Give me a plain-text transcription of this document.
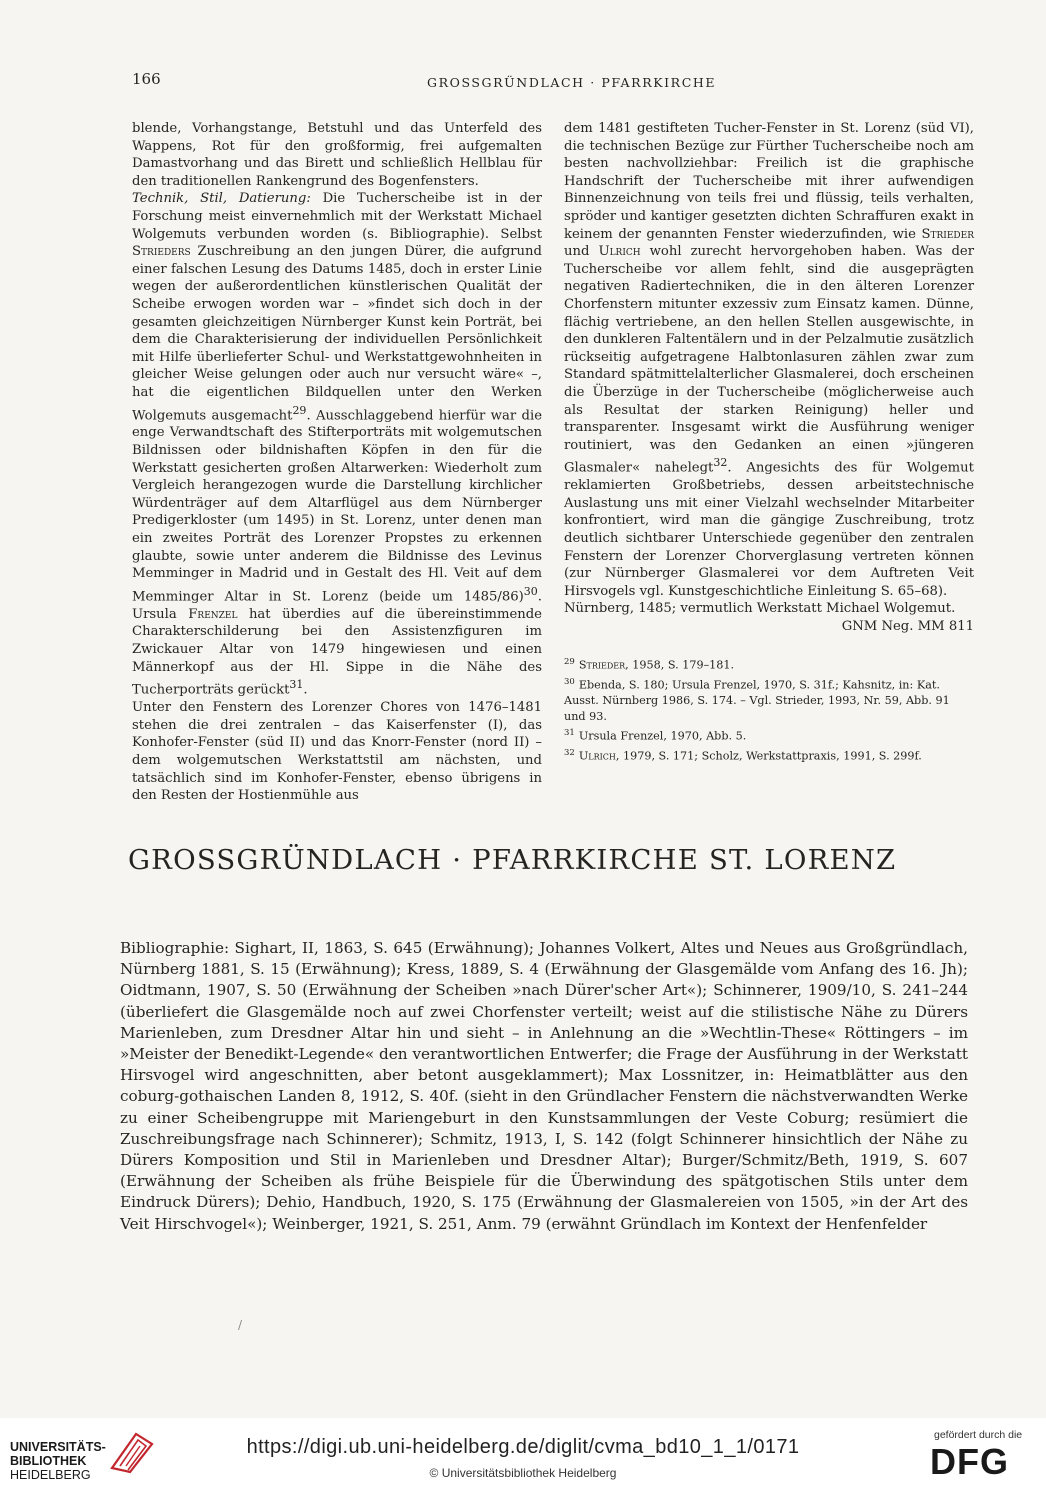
166	GROSSGRÜNDLACH · PFARRKIRCHE

blende, Vorhangstange, Betstuhl und das Unterfeld des Wappens, Rot für den großformig, frei aufgemalten Damastvorhang und das Birett und schließlich Hellblau für den traditionellen Rankengrund des Bogenfensters.

Technik, Stil, Datierung: Die Tucherscheibe ist in der Forschung meist einvernehmlich mit der Werkstatt Michael Wolgemuts verbunden worden (s. Bibliographie). Selbst Strieders Zuschreibung an den jungen Dürer, die aufgrund einer falschen Lesung des Datums 1485, doch in erster Linie wegen der außerordentlichen künstlerischen Qualität der Scheibe erwogen worden war – »findet sich doch in der gesamten gleichzeitigen Nürnberger Kunst kein Porträt, bei dem die Charakterisierung der individuellen Persönlichkeit mit Hilfe überlieferter Schul- und Werkstattgewohnheiten in gleicher Weise gelungen oder auch nur versucht wäre« –, hat die eigentlichen Bildquellen unter den Werken Wolgemuts ausgemacht$^{29}$. Ausschlaggebend hierfür war die enge Verwandtschaft des Stifterporträts mit wolgemutschen Bildnissen oder bildnishaften Köpfen in den für die Werkstatt gesicherten großen Altarwerken: Wiederholt zum Vergleich herangezogen wurde die Darstellung kirchlicher Würdenträger auf dem Altarflügel aus dem Nürnberger Predigerkloster (um 1495) in St. Lorenz, unter denen man ein zweites Porträt des Lorenzer Propstes zu erkennen glaubte, sowie unter anderem die Bildnisse des Levinus Memminger in Madrid und in Gestalt des Hl. Veit auf dem Memminger Altar in St. Lorenz (beide um 1485/86)$^{30}$. Ursula Frenzel hat überdies auf die übereinstimmende Charakterschilderung bei den Assistenzfiguren im Zwickauer Altar von 1479 hingewiesen und einen Männerkopf aus der Hl. Sippe in die Nähe des Tucherporträts gerückt$^{31}$.

Unter den Fenstern des Lorenzer Chores von 1476–1481 stehen die drei zentralen – das Kaiserfenster (I), das Konhofer-Fenster (süd II) und das Knorr-Fenster (nord II) – dem wolgemutschen Werkstattstil am nächsten, und tatsächlich sind im Konhofer-Fenster, ebenso übrigens in den Resten der Hostienmühle aus

dem 1481 gestifteten Tucher-Fenster in St. Lorenz (süd VI), die technischen Bezüge zur Fürther Tucherscheibe noch am besten nachvollziehbar: Freilich ist die graphische Handschrift der Tucherscheibe mit ihrer aufwendigen Binnenzeichnung von teils frei und flüssig, teils verhalten, spröder und kantiger gesetzten dichten Schraffuren exakt in keinem der genannten Fenster wiederzufinden, wie Strieder und Ulrich wohl zurecht hervorgehoben haben. Was der Tucherscheibe vor allem fehlt, sind die ausgeprägten negativen Radiertechniken, die in den älteren Lorenzer Chorfenstern mitunter exzessiv zum Einsatz kamen. Dünne, flächig vertriebene, an den hellen Stellen ausgewischte, in den dunkleren Faltentälern und in der Pelzalmutie zusätzlich rückseitig aufgetragene Halbtonlasuren zählen zwar zum Standard spätmittelalterlicher Glasmalerei, doch erscheinen die Überzüge in der Tucherscheibe (möglicherweise auch als Resultat der starken Reinigung) heller und transparenter. Insgesamt wirkt die Ausführung weniger routiniert, was den Gedanken an einen »jüngeren Glasmaler« nahelegt$^{32}$. Angesichts des für Wolgemut reklamierten Großbetriebs, dessen arbeitstechnische Auslastung uns mit einer Vielzahl wechselnder Mitarbeiter konfrontiert, wird man die gängige Zuschreibung, trotz deutlich sichtbarer Unterschiede gegenüber den zentralen Fenstern der Lorenzer Chorverglasung vertreten können (zur Nürnberger Glasmalerei vor dem Auftreten Veit Hirsvogels vgl. Kunstgeschichtliche Einleitung S. 65–68).

Nürnberg, 1485; vermutlich Werkstatt Michael Wolgemut.

GNM Neg. MM 811

$^{29}$ Strieder, 1958, S. 179–181.
$^{30}$ Ebenda, S. 180; Ursula Frenzel, 1970, S. 31f.; Kahsnitz, in: Kat. Ausst. Nürnberg 1986, S. 174. – Vgl. Strieder, 1993, Nr. 59, Abb. 91 und 93.
$^{31}$ Ursula Frenzel, 1970, Abb. 5.
$^{32}$ Ulrich, 1979, S. 171; Scholz, Werkstattpraxis, 1991, S. 299f.
GROSSGRÜNDLACH · PFARRKIRCHE ST. LORENZ
Bibliographie: Sighart, II, 1863, S. 645 (Erwähnung); Johannes Volkert, Altes und Neues aus Großgründlach, Nürnberg 1881, S. 15 (Erwähnung); Kress, 1889, S. 4 (Erwähnung der Glasgemälde vom Anfang des 16. Jh); Oidtmann, 1907, S. 50 (Erwähnung der Scheiben »nach Dürer'scher Art«); Schinnerer, 1909/10, S. 241–244 (überliefert die Glasgemälde noch auf zwei Chorfenster verteilt; weist auf die stilistische Nähe zu Dürers Marienleben, zum Dresdner Altar hin und sieht – in Anlehnung an die »Wechtlin-These« Röttingers – im »Meister der Benedikt-Legende« den verantwortlichen Entwerfer; die Frage der Ausführung in der Werkstatt Hirsvogel wird angeschnitten, aber betont ausgeklammert); Max Lossnitzer, in: Heimatblätter aus den coburg-gothaischen Landen 8, 1912, S. 40f. (sieht in den Gründlacher Fenstern die nächstverwandten Werke zu einer Scheibengruppe mit Mariengeburt in den Kunstsammlungen der Veste Coburg; resümiert die Zuschreibungsfrage nach Schinnerer); Schmitz, 1913, I, S. 142 (folgt Schinnerer hinsichtlich der Nähe zu Dürers Komposition und Stil in Marienleben und Dresdner Altar); Burger/Schmitz/Beth, 1919, S. 607 (Erwähnung der Scheiben als frühe Beispiele für die Überwindung des spätgotischen Stils unter dem Eindruck Dürers); Dehio, Handbuch, 1920, S. 175 (Erwähnung der Glasmalereien von 1505, »in der Art des Veit Hirschvogel«); Weinberger, 1921, S. 251, Anm. 79 (erwähnt Gründlach im Kontext der Henfenfelder
/
UNIVERSITÄTS-
BIBLIOTHEK
HEIDELBERG
https://digi.ub.uni-heidelberg.de/diglit/cvma_bd10_1_1/0171
© Universitätsbibliothek Heidelberg
gefördert durch die
DFG
